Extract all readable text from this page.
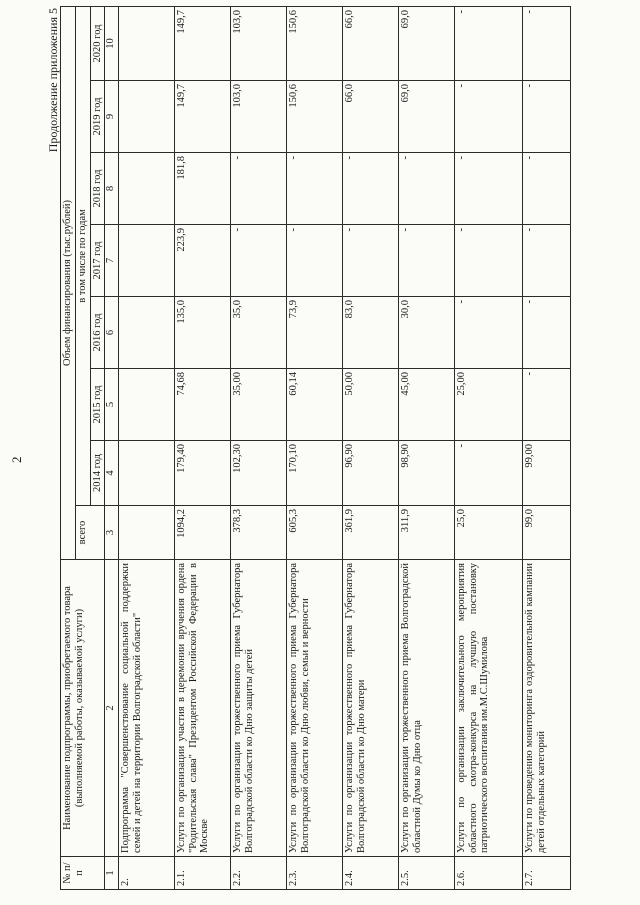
2
Продолжение приложения 5
№ п/п	Наименование подпрограммы, приобретаемого товара (выполняемой работы, оказываемой услуги)	Объем финансирования (тыс.рублей)							
		всего	в том числе по годам						
			2014 год	2015 год	2016 год	2017 год	2018 год	2019 год	2020 год
1	2	3	4	5	6	7	8	9	10
2.	Подпрограмма "Совершенствование социальной поддержки семей и детей на территории Волгоградской области"								
2.1.	Услуги по организации участия в церемонии вручения ордена "Родительская слава" Президентом Российской Федерации в Москве	1094,2	179,40	74,68	135,0	223,9	181,8	149,7	149,7
2.2.	Услуги по организации торжественного приема Губернатора Волгоградской области ко Дню защиты детей	378,3	102,30	35,00	35,0	-	-	103,0	103,0
2.3.	Услуги по организации торжественного приема Губернатора Волгоградской области ко Дню любви, семьи и верности	605,3	170,10	60,14	73,9	-	-	150,6	150,6
2.4.	Услуги по организации торжественного приема Губернатора Волгоградской области ко Дню матери	361,9	96,90	50,00	83,0	-	-	66,0	66,0
2.5.	Услуги по организации торжественного приема Волгоградской областной Думы ко Дню отца	311,9	98,90	45,00	30,0	-	-	69,0	69,0
2.6.	Услуги по организации заключительного мероприятия областного смотра-конкурса на лучшую постановку патриотического воспитания им.М.С.Шумилова	25,0	-	25,00	-	-	-	-	-
2.7.	Услуги по проведению мониторинга оздоровительной кампании детей отдельных категорий	99,0	99,00	-	-	-	-	-	-
